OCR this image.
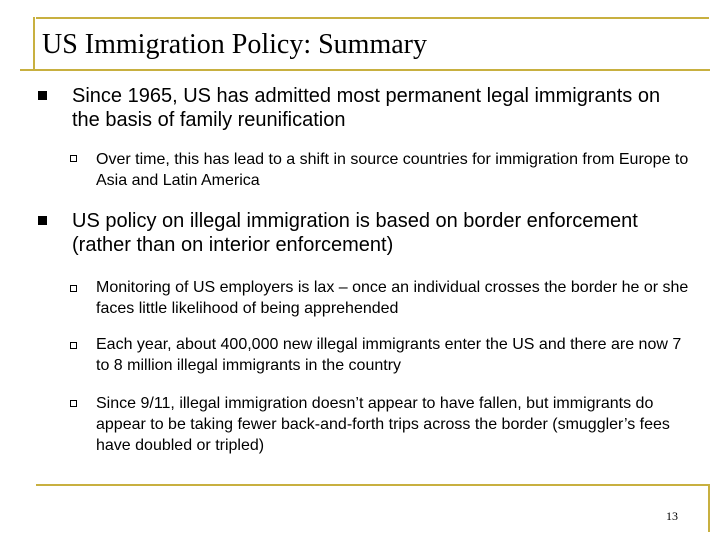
US Immigration Policy: Summary

Since 1965, US has admitted most permanent legal immigrants on the basis of family reunification

Over time, this has lead to a shift in source countries for immigration from Europe to Asia and Latin America

US policy on illegal immigration is based on border enforcement (rather than on interior enforcement)

Monitoring of US employers is lax – once an individual crosses the border he or she faces little likelihood of being apprehended

Each year, about 400,000 new illegal immigrants enter the US and there are now 7 to 8 million illegal immigrants in the country

Since 9/11, illegal immigration doesn’t appear to have fallen, but immigrants do appear to be taking fewer back-and-forth trips across the border (smuggler’s fees have doubled or tripled)

13
